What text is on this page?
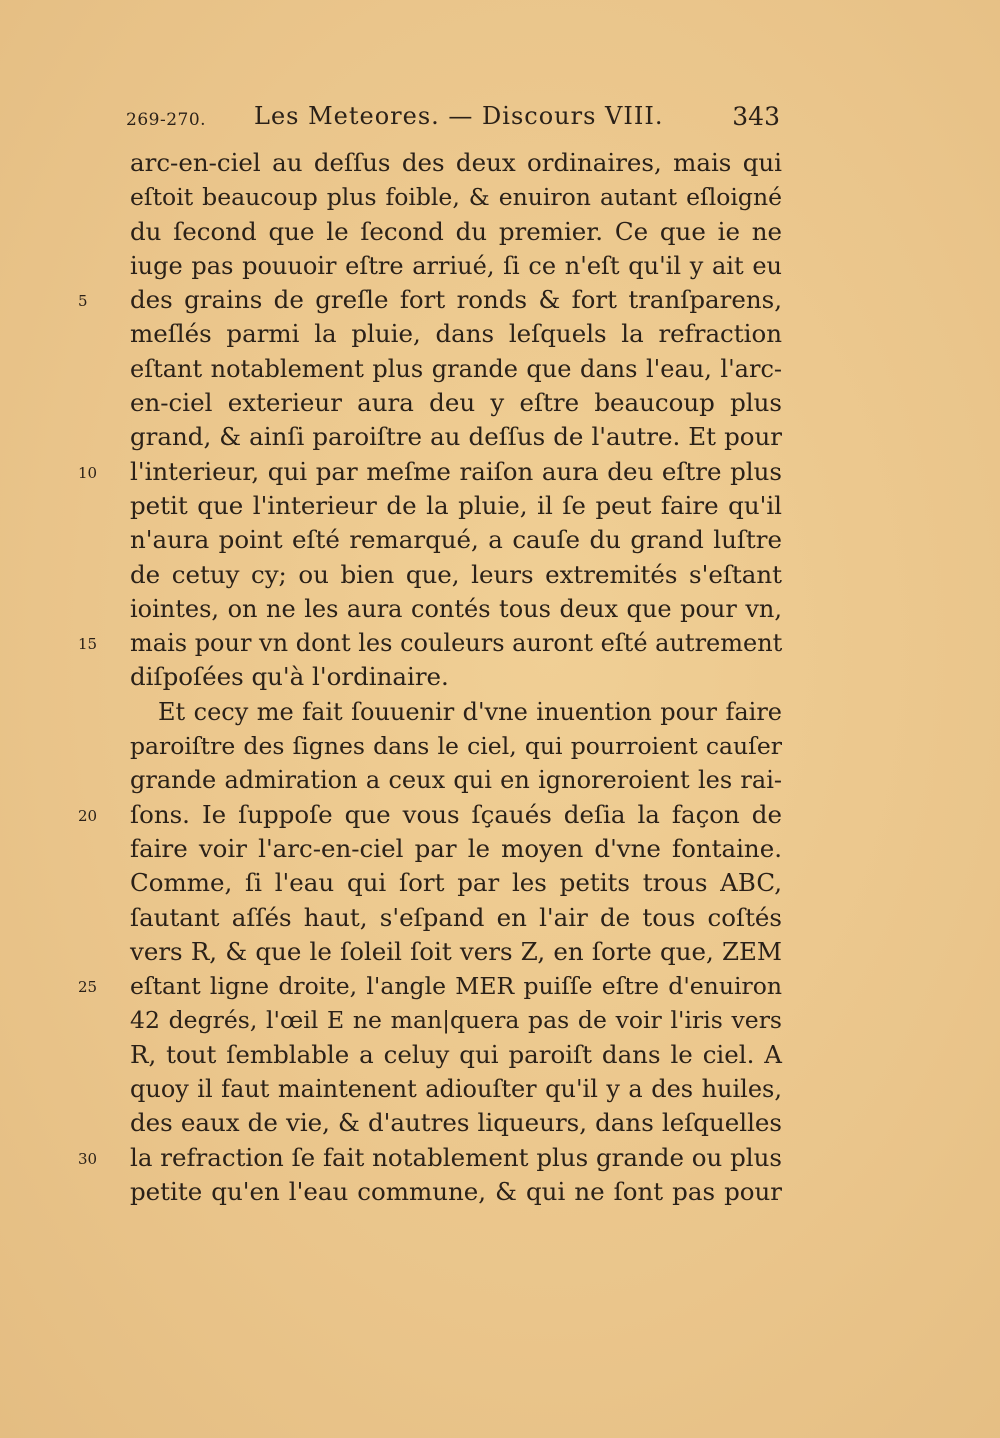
269-270. Les Meteores. — Discours VIII.	343
arc-en-ciel au deſſus des deux ordinaires, mais qui
eſtoit beaucoup plus foible, & enuiron autant eſloigné
du ſecond que le ſecond du premier. Ce que ie ne
iuge pas pouuoir eſtre arriué, ſi ce n'eſt qu'il y ait eu
5	des grains de greſle fort ronds & fort tranſparens,
meſlés parmi la pluie, dans leſquels la refraction
eſtant notablement plus grande que dans l'eau, l'arc-
en-ciel exterieur aura deu y eſtre beaucoup plus
grand, & ainſi paroiſtre au deſſus de l'autre. Et pour
10	l'interieur, qui par meſme raiſon aura deu eſtre plus
petit que l'interieur de la pluie, il ſe peut faire qu'il
n'aura point eſté remarqué, a cauſe du grand luſtre
de cetuy cy; ou bien que, leurs extremités s'eſtant
iointes, on ne les aura contés tous deux que pour vn,
15	mais pour vn dont les couleurs auront eſté autrement
diſpoſées qu'à l'ordinaire.
Et cecy me fait ſouuenir d'vne inuention pour faire
paroiſtre des ſignes dans le ciel, qui pourroient cauſer
grande admiration a ceux qui en ignoreroient les rai-
20	ſons. Ie ſuppoſe que vous ſçaués deſia la façon de
faire voir l'arc-en-ciel par le moyen d'vne fontaine.
Comme, ſi l'eau qui ſort par les petits trous ABC,
ſautant aſſés haut, s'eſpand en l'air de tous coſtés
vers R, & que le ſoleil ſoit vers Z, en ſorte que, ZEM
25	eſtant ligne droite, l'angle MER puiſſe eſtre d'enuiron
42 degrés, l'œil E ne man|quera pas de voir l'iris vers
R, tout ſemblable a celuy qui paroiſt dans le ciel. A
quoy il faut maintenent adiouſter qu'il y a des huiles,
des eaux de vie, & d'autres liqueurs, dans leſquelles
30	la refraction ſe fait notablement plus grande ou plus
petite qu'en l'eau commune, & qui ne ſont pas pour
